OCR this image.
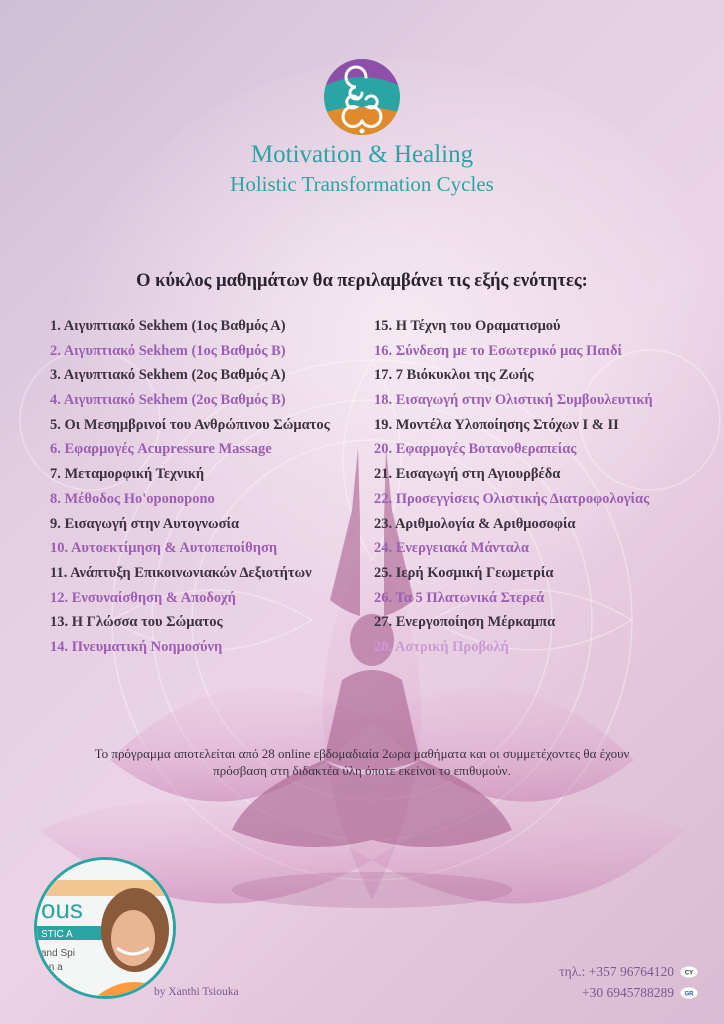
Motivation & Healing
Holistic Transformation Cycles
Ο κύκλος μαθημάτων θα περιλαμβάνει τις εξής ενότητες:
1. Αιγυπτιακό Sekhem (1ος Βαθμός Α)
2. Αιγυπτιακό Sekhem (1ος Βαθμός Β)
3. Αιγυπτιακό Sekhem (2ος Βαθμός Α)
4. Αιγυπτιακό Sekhem (2ος Βαθμός Β)
5. Οι Μεσημβρινοί του Ανθρώπινου Σώματος
6. Εφαρμογές Acupressure Massage
7. Μεταμορφική Τεχνική
8. Μέθοδος Ho'oponopono
9. Εισαγωγή στην Αυτογνωσία
10. Αυτοεκτίμηση & Αυτοπεποίθηση
11. Ανάπτυξη Επικοινωνιακών Δεξιοτήτων
12. Ενσυναίσθηση & Αποδοχή
13. Η Γλώσσα του Σώματος
14. Πνευματική Νοημοσύνη
15. Η Τέχνη του Οραματισμού
16. Σύνδεση με το Εσωτερικό μας Παιδί
17. 7 Βιόκυκλοι της Ζωής
18. Εισαγωγή στην Ολιστική Συμβουλευτική
19. Μοντέλα Υλοποίησης Στόχων Ι & ΙΙ
20. Εφαρμογές Βοτανοθεραπείας
21. Εισαγωγή στη Αγιουρβέδα
22. Προσεγγίσεις Ολιστικής Διατροφολογίας
23. Αριθμολογία & Αριθμοσοφία
24. Ενεργειακά Μάνταλα
25. Ιερή Κοσμική Γεωμετρία
26. Τα 5 Πλατωνικά Στερεά
27. Ενεργοποίηση Μέρκαμπα
28. Αστρική Προβολή
Το πρόγραμμα αποτελείται από 28 online εβδομαδιαία 2ωρα μαθήματα και οι συμμετέχοντες θα έχουν πρόσβαση στη διδακτέα ύλη όποτε εκείνοι το επιθυμούν.
ous
STIC A
and Spi
ion a
by Xanthi Tsiouka
τηλ.: +357 96764120 CY
+30 6945788289 GR
